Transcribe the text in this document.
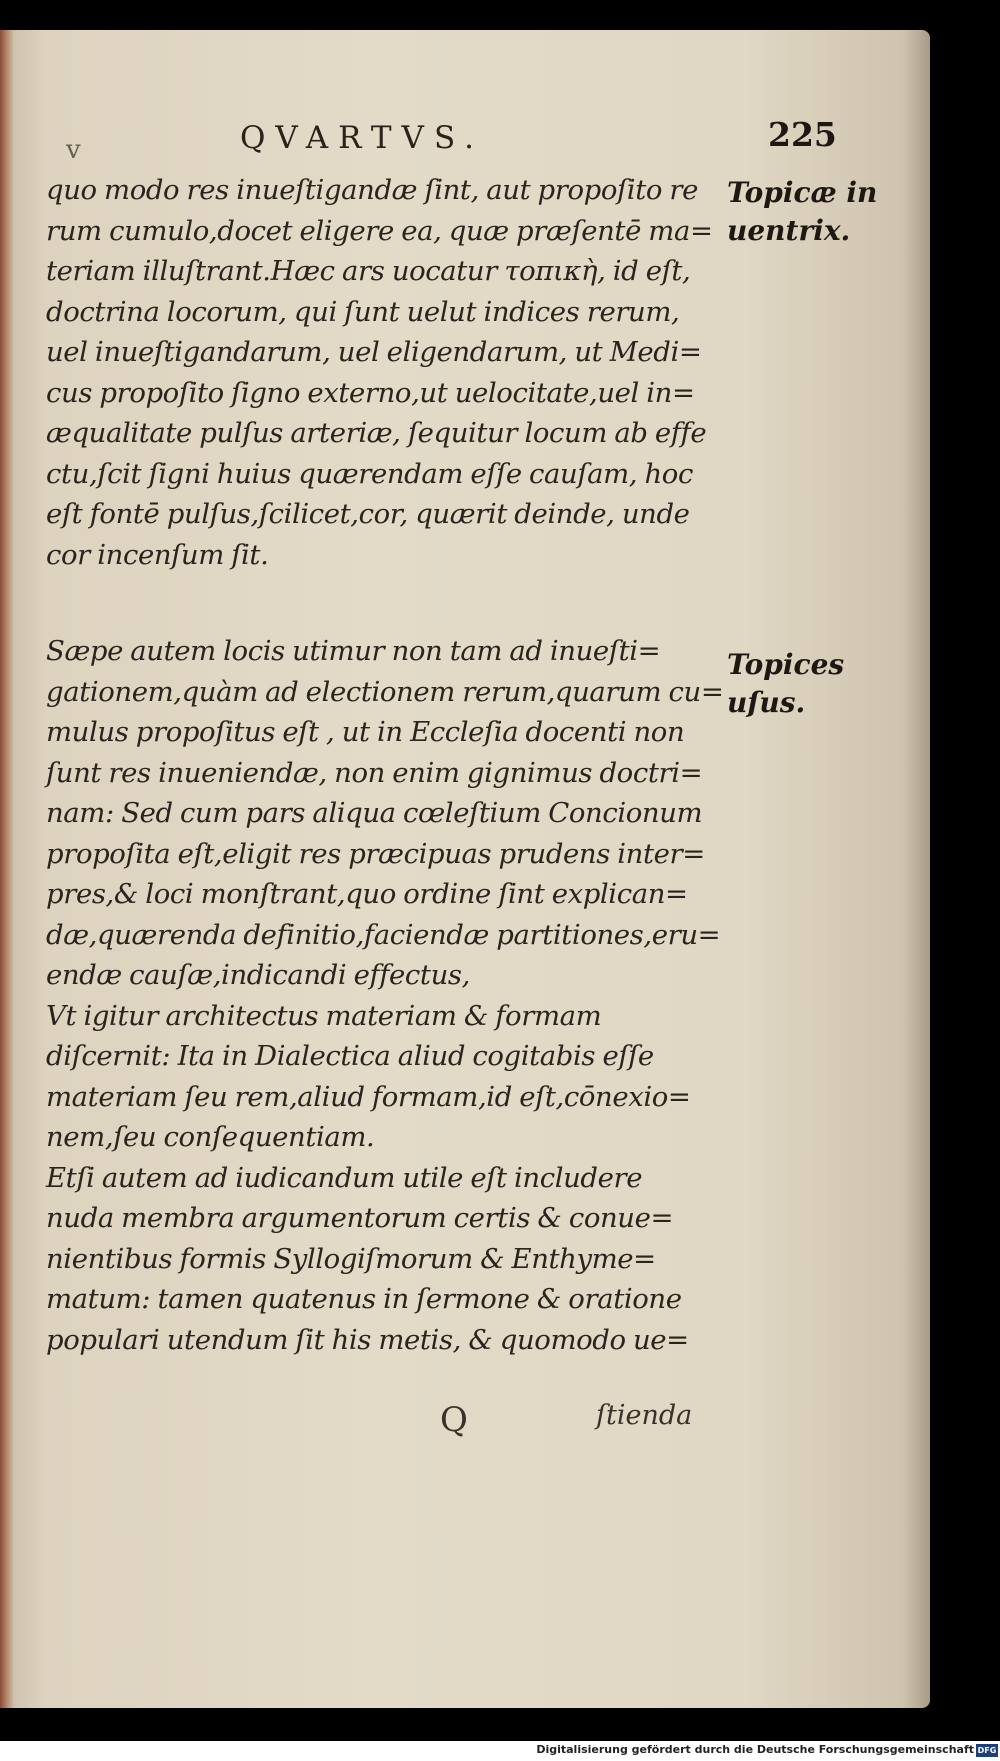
v	QVARTVS.	225
quo modo res inueſtigandæ ſint, aut propoſito re
rum cumulo,docet eligere ea, quæ præſentē ma=
teriam illuſtrant.Hæc ars uocatur τοπικὴ, id eſt,
doctrina locorum, qui ſunt uelut indices rerum,
uel inueſtigandarum, uel eligendarum, ut Medi=
cus propoſito ſigno externo,ut uelocitate,uel in=
æqualitate pulſus arteriæ, ſequitur locum ab effe
ctu,ſcit ſigni huius quærendam eſſe cauſam, hoc
eſt fontē pulſus,ſcilicet,cor, quærit deinde, unde
cor incenſum ſit.
Sæpe autem locis utimur non tam ad inueſti=
gationem,quàm ad electionem rerum,quarum cu=
mulus propoſitus eſt , ut in Eccleſia docenti non
ſunt res inueniendæ, non enim gignimus doctri=
nam: Sed cum pars aliqua cœleſtium Concionum
propoſita eſt,eligit res præcipuas prudens inter=
pres,& loci monſtrant,quo ordine ſint explican=
dæ,quærenda definitio,faciendæ partitiones,eru=
endæ cauſæ,indicandi effectus,
Vt igitur architectus materiam & formam
diſcernit: Ita in Dialectica aliud cogitabis eſſe
materiam ſeu rem,aliud formam,id eſt,cōnexio=
nem,ſeu conſequentiam.
Etſi autem ad iudicandum utile eſt includere
nuda membra argumentorum certis & conue=
nientibus formis Syllogiſmorum & Enthyme=
matum: tamen quatenus in ſermone & oratione
populari utendum ſit his metis, & quomodo ue=
Topicæ in
uentrix.
Topices
uſus.
Q	ſtienda
Digitalisierung gefördert durch die Deutsche Forschungsgemeinschaft DFG
